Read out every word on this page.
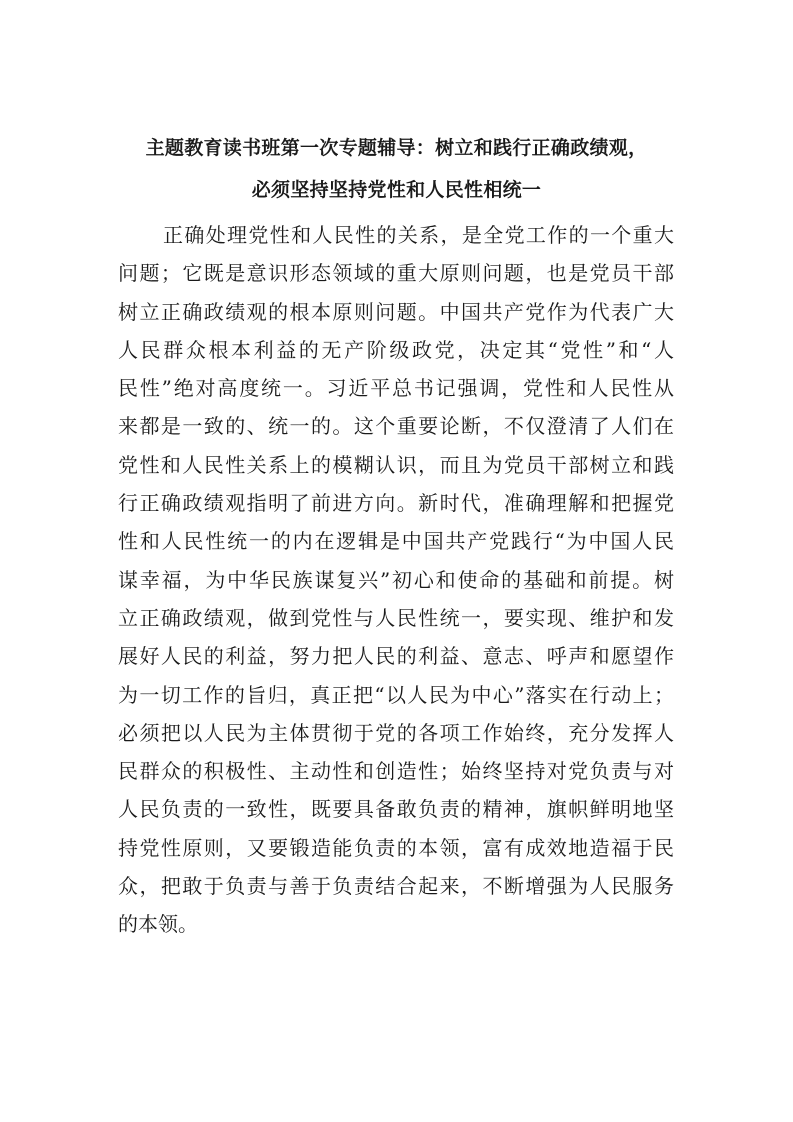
主题教育读书班第一次专题辅导：树立和践行正确政绩观，
必须坚持坚持党性和人民性相统一
正确处理党性和人民性的关系，是全党工作的一个重大
问题；它既是意识形态领域的重大原则问题，也是党员干部
树立正确政绩观的根本原则问题。中国共产党作为代表广大
人民群众根本利益的无产阶级政党，决定其“党性”和“人
民性”绝对高度统一。习近平总书记强调，党性和人民性从
来都是一致的、统一的。这个重要论断，不仅澄清了人们在
党性和人民性关系上的模糊认识，而且为党员干部树立和践
行正确政绩观指明了前进方向。新时代，准确理解和把握党
性和人民性统一的内在逻辑是中国共产党践行“为中国人民
谋幸福，为中华民族谋复兴”初心和使命的基础和前提。树
立正确政绩观，做到党性与人民性统一，要实现、维护和发
展好人民的利益，努力把人民的利益、意志、呼声和愿望作
为一切工作的旨归，真正把“以人民为中心”落实在行动上；
必须把以人民为主体贯彻于党的各项工作始终，充分发挥人
民群众的积极性、主动性和创造性；始终坚持对党负责与对
人民负责的一致性，既要具备敢负责的精神，旗帜鲜明地坚
持党性原则，又要锻造能负责的本领，富有成效地造福于民
众，把敢于负责与善于负责结合起来，不断增强为人民服务
的本领。
